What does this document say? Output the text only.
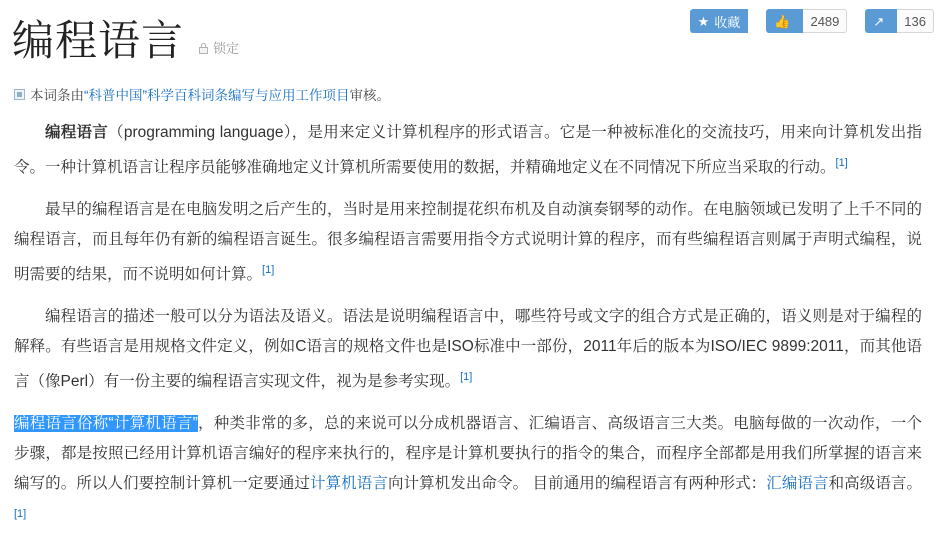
★ 收藏	👍	2489	↗	136
编程语言 锁定
本词条由 “科普中国”科学百科词条编写与应用工作项目 审核。

编程语言（programming language），是用来定义计算机程序的形式语言。它是一种被标准化的交流技巧，用来向计算机发出指令。一种计算机语言让程序员能够准确地定义计算机所需要使用的数据，并精确地定义在不同情况下所应当采取的行动。[1]

最早的编程语言是在电脑发明之后产生的，当时是用来控制提花织布机及自动演奏钢琴的动作。在电脑领域已发明了上千不同的编程语言，而且每年仍有新的编程语言诞生。很多编程语言需要用指令方式说明计算的程序，而有些编程语言则属于声明式编程，说明需要的结果，而不说明如何计算。[1]

编程语言的描述一般可以分为语法及语义。语法是说明编程语言中，哪些符号或文字的组合方式是正确的，语义则是对于编程的解释。有些语言是用规格文件定义，例如C语言的规格文件也是ISO标准中一部份，2011年后的版本为ISO/IEC 9899:2011，而其他语言（像Perl）有一份主要的编程语言实现文件，视为是参考实现。[1]

编程语言俗称“计算机语言”，种类非常的多，总的来说可以分成机器语言、汇编语言、高级语言三大类。电脑每做的一次动作，一个步骤，都是按照已经用计算机语言编好的程序来执行的，程序是计算机要执行的指令的集合，而程序全部都是用我们所掌握的语言来编写的。所以人们要控制计算机一定要通过计算机语言向计算机发出命令。 目前通用的编程语言有两种形式：汇编语言和高级语言。[1]
